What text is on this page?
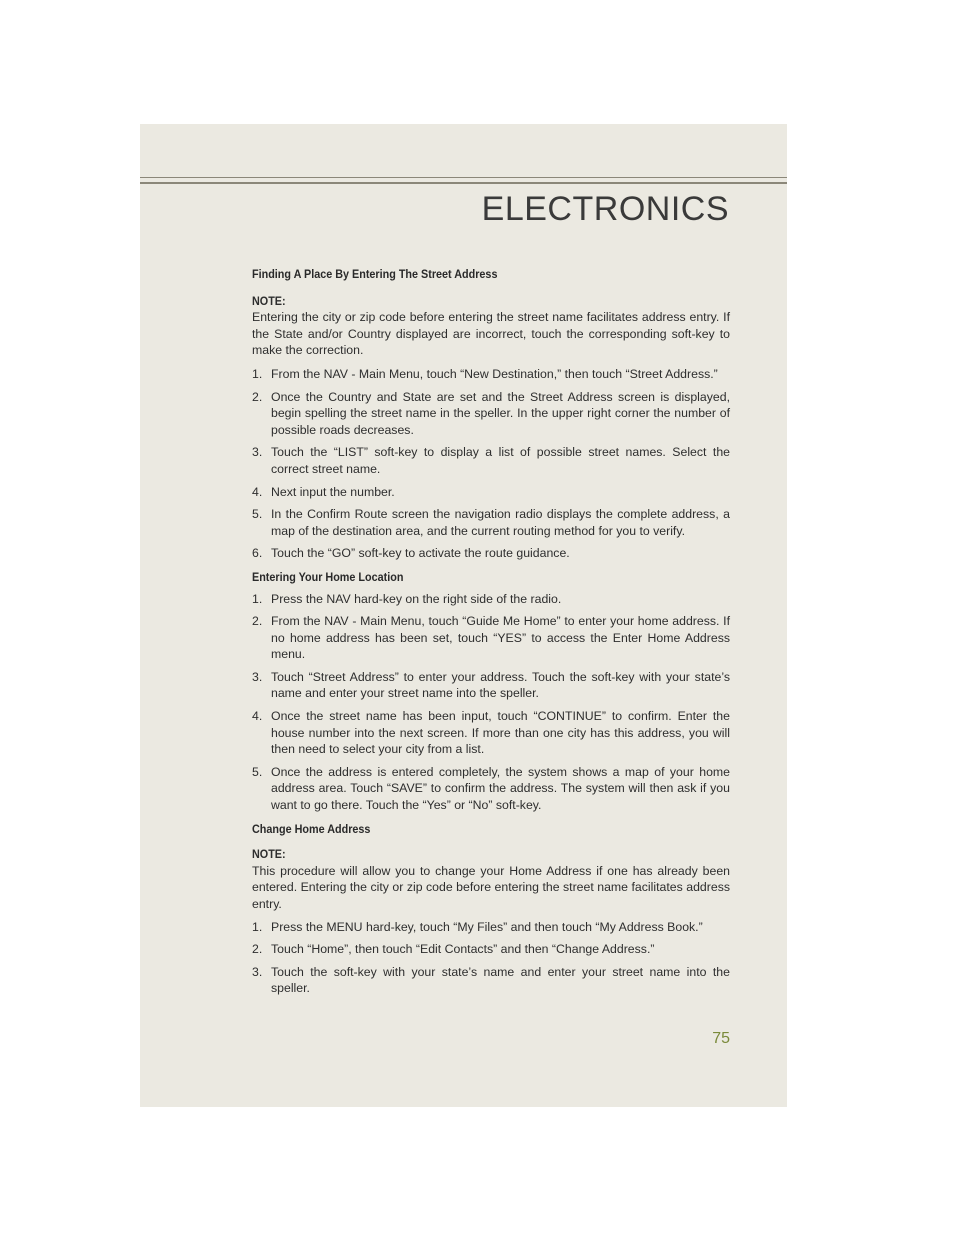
ELECTRONICS
Finding A Place By Entering The Street Address
NOTE:

Entering the city or zip code before entering the street name facilitates address entry. If the State and/or Country displayed are incorrect, touch the corresponding soft-key to make the correction.

1. From the NAV - Main Menu, touch “New Destination,” then touch “Street Address.”
2. Once the Country and State are set and the Street Address screen is displayed, begin spelling the street name in the speller. In the upper right corner the number of possible roads decreases.
3. Touch the “LIST” soft-key to display a list of possible street names. Select the correct street name.
4. Next input the number.
5. In the Confirm Route screen the navigation radio displays the complete address, a map of the destination area, and the current routing method for you to verify.
6. Touch the “GO” soft-key to activate the route guidance.
Entering Your Home Location
1. Press the NAV hard-key on the right side of the radio.
2. From the NAV - Main Menu, touch “Guide Me Home” to enter your home address. If no home address has been set, touch “YES” to access the Enter Home Address menu.
3. Touch “Street Address” to enter your address. Touch the soft-key with your state’s name and enter your street name into the speller.
4. Once the street name has been input, touch “CONTINUE” to confirm. Enter the house number into the next screen. If more than one city has this address, you will then need to select your city from a list.
5. Once the address is entered completely, the system shows a map of your home address area. Touch “SAVE” to confirm the address. The system will then ask if you want to go there. Touch the “Yes” or “No” soft-key.
Change Home Address
NOTE:

This procedure will allow you to change your Home Address if one has already been entered. Entering the city or zip code before entering the street name facilitates address entry.

1. Press the MENU hard-key, touch “My Files” and then touch “My Address Book.”
2. Touch “Home”, then touch “Edit Contacts” and then “Change Address.”
3. Touch the soft-key with your state’s name and enter your street name into the speller.
75
